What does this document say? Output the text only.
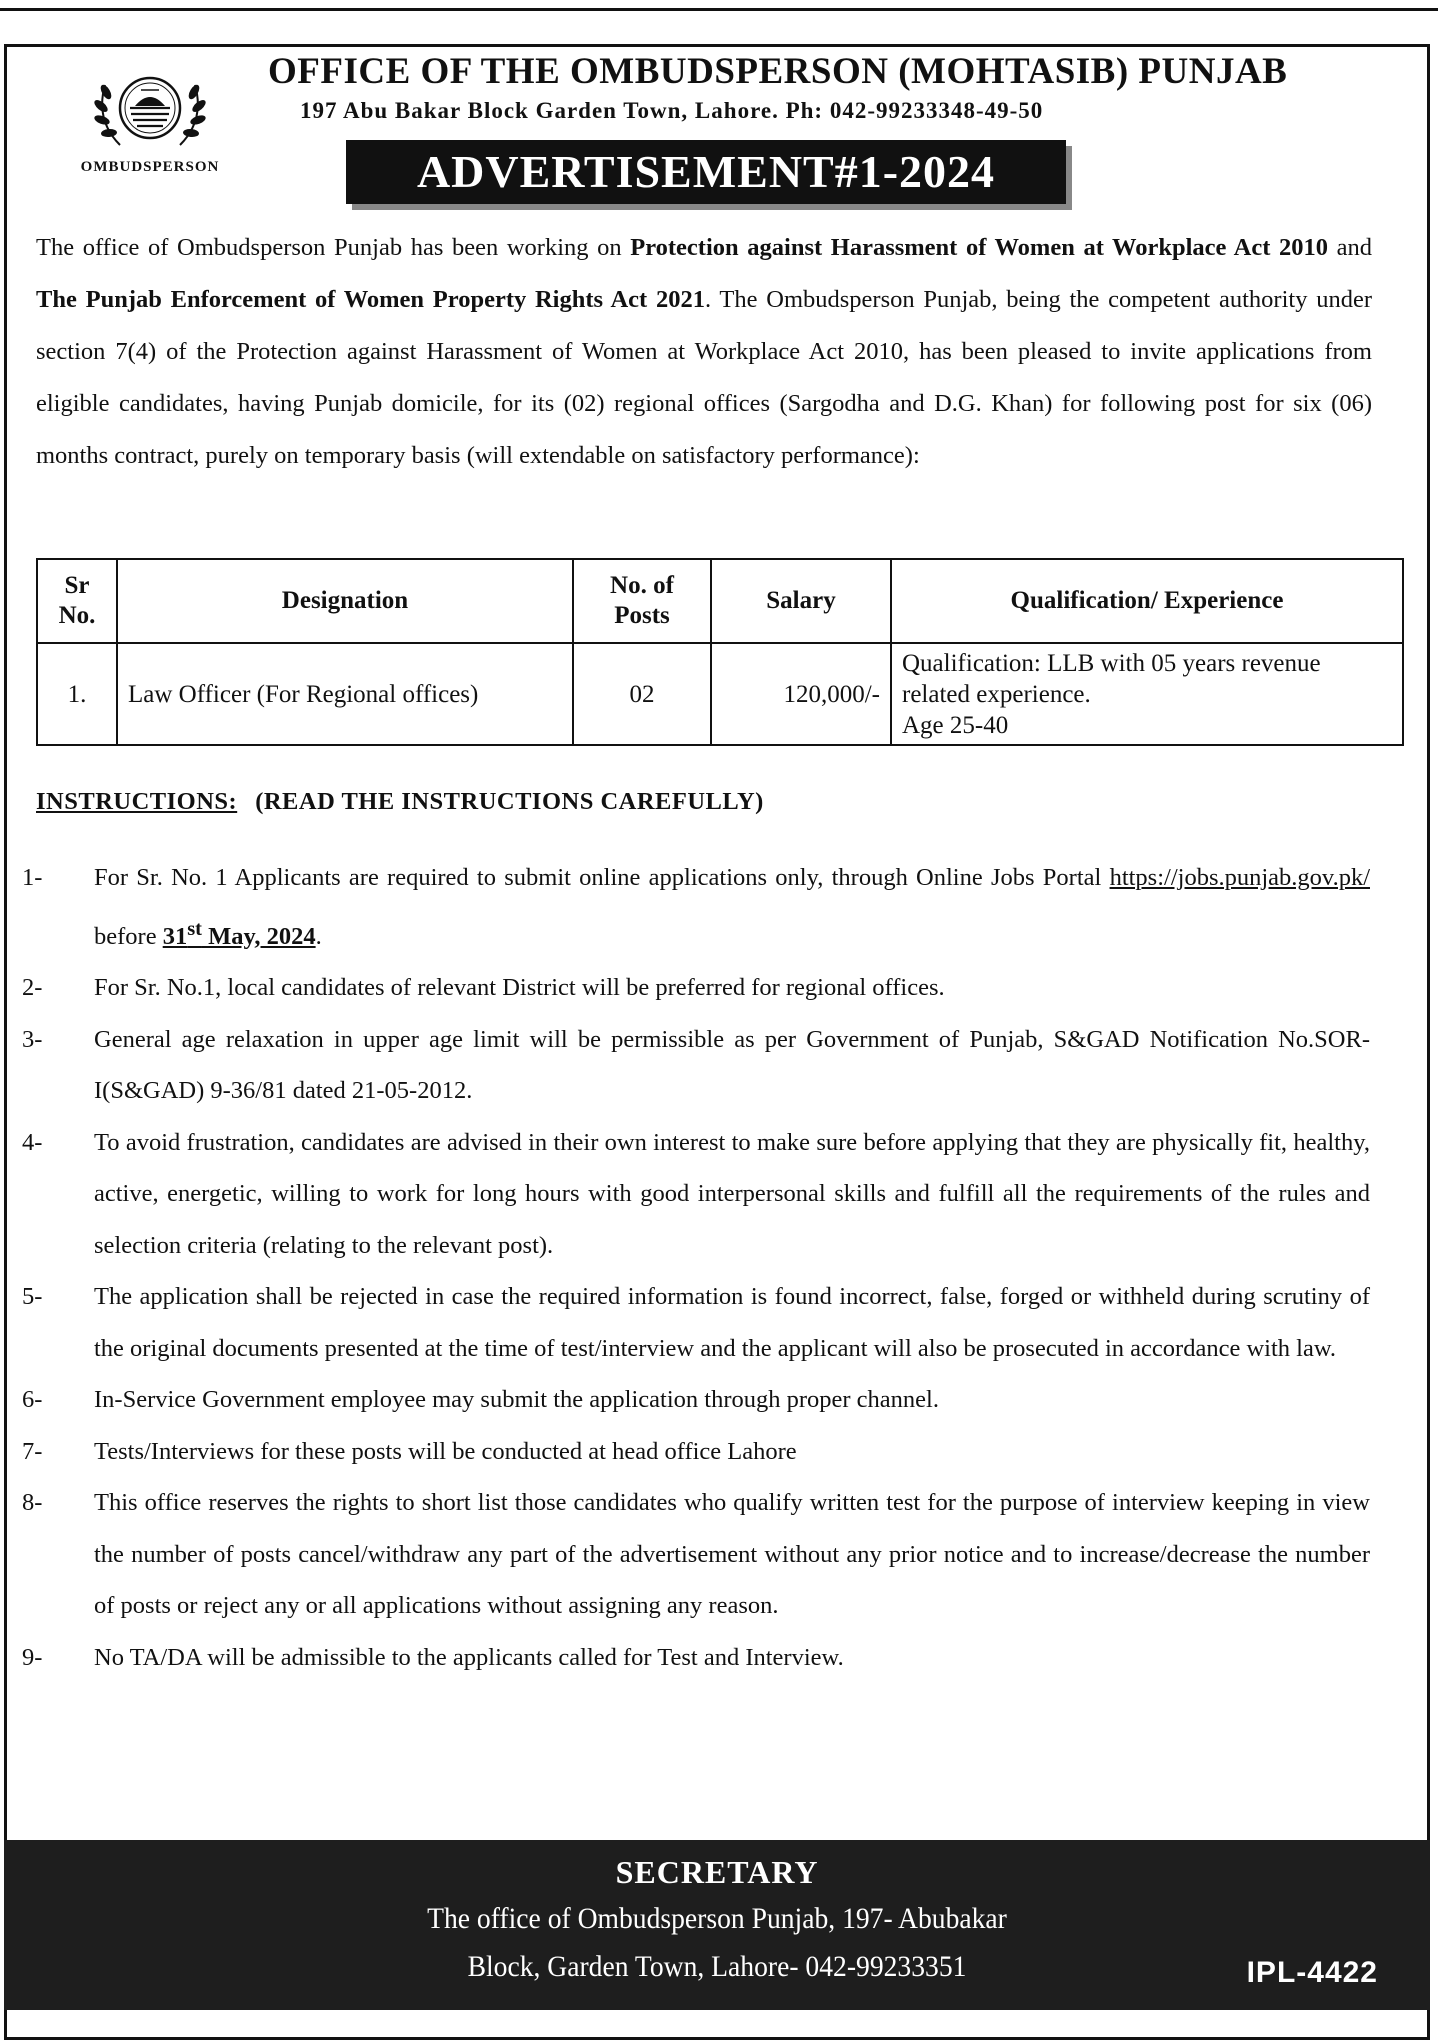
OMBUDSPERSON
OFFICE OF THE OMBUDSPERSON (MOHTASIB) PUNJAB
197 Abu Bakar Block Garden Town, Lahore. Ph: 042-99233348-49-50
ADVERTISEMENT#1-2024
The office of Ombudsperson Punjab has been working on Protection against Harassment of Women at Workplace Act 2010 and The Punjab Enforcement of Women Property Rights Act 2021. The Ombudsperson Punjab, being the competent authority under section 7(4) of the Protection against Harassment of Women at Workplace Act 2010, has been pleased to invite applications from eligible candidates, having Punjab domicile, for its (02) regional offices (Sargodha and D.G. Khan) for following post for six (06) months contract, purely on temporary basis (will extendable on satisfactory performance):
Sr No.	Designation	No. of Posts	Salary	Qualification/ Experience
1.	Law Officer (For Regional offices)	02	120,000/-	Qualification: LLB with 05 years revenue related experience.
Age 25-40
INSTRUCTIONS: (READ THE INSTRUCTIONS CAREFULLY)
1- For Sr. No. 1 Applicants are required to submit online applications only, through Online Jobs Portal https://jobs.punjab.gov.pk/ before 31st May, 2024.
2- For Sr. No.1, local candidates of relevant District will be preferred for regional offices.
3- General age relaxation in upper age limit will be permissible as per Government of Punjab, S&GAD Notification No.SOR-I(S&GAD) 9-36/81 dated 21-05-2012.
4- To avoid frustration, candidates are advised in their own interest to make sure before applying that they are physically fit, healthy, active, energetic, willing to work for long hours with good interpersonal skills and fulfill all the requirements of the rules and selection criteria (relating to the relevant post).
5- The application shall be rejected in case the required information is found incorrect, false, forged or withheld during scrutiny of the original documents presented at the time of test/interview and the applicant will also be prosecuted in accordance with law.
6- In-Service Government employee may submit the application through proper channel.
7- Tests/Interviews for these posts will be conducted at head office Lahore
8- This office reserves the rights to short list those candidates who qualify written test for the purpose of interview keeping in view the number of posts cancel/withdraw any part of the advertisement without any prior notice and to increase/decrease the number of posts or reject any or all applications without assigning any reason.
9- No TA/DA will be admissible to the applicants called for Test and Interview.
SECRETARY
The office of Ombudsperson Punjab, 197- Abubakar
Block, Garden Town, Lahore- 042-99233351	IPL-4422
